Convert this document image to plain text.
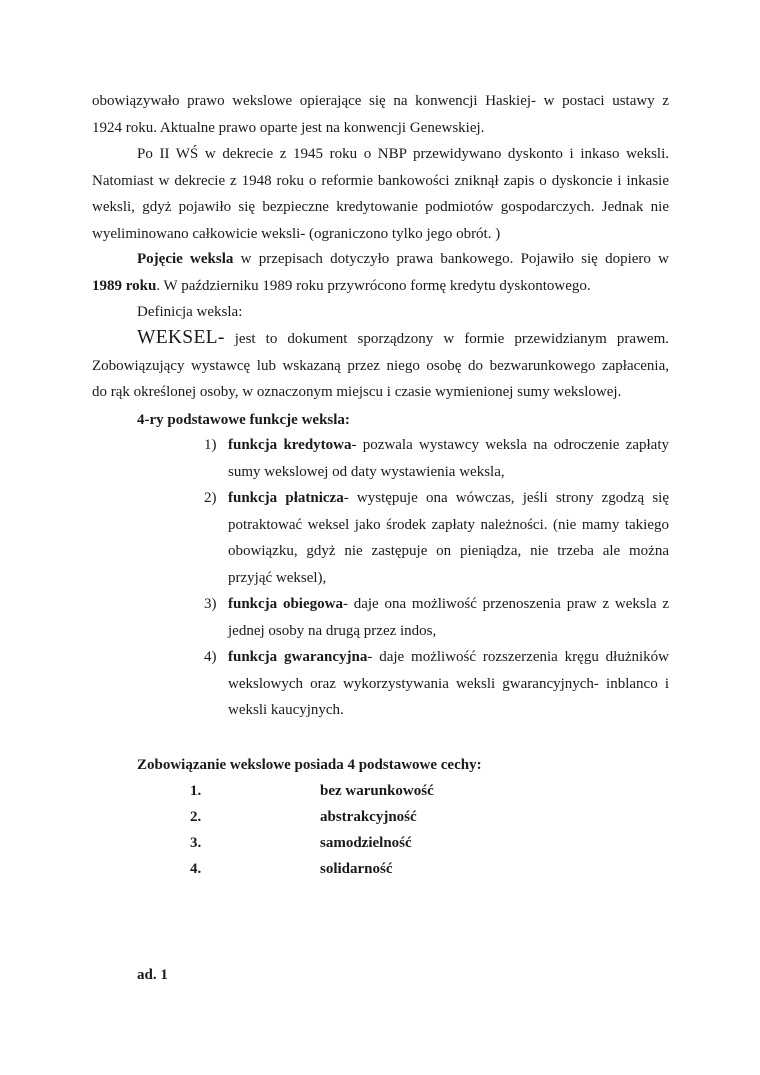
obowiązywało prawo wekslowe opierające się na konwencji Haskiej- w postaci ustawy z
1924 roku. Aktualne prawo oparte jest na konwencji Genewskiej.

Po II WŚ w dekrecie z 1945 roku o NBP przewidywano dyskonto i inkaso weksli.
Natomiast w dekrecie z 1948 roku o reformie bankowości zniknął zapis o dyskoncie i inkasie
weksli, gdyż pojawiło się bezpieczne kredytowanie podmiotów gospodarczych. Jednak nie
wyeliminowano całkowicie weksli- (ograniczono tylko jego obrót. )

Pojęcie weksla w przepisach dotyczyło prawa bankowego. Pojawiło się dopiero w
1989 roku. W październiku 1989 roku przywrócono formę kredytu dyskontowego.

Definicja weksla:

WEKSEL- jest to dokument sporządzony w formie przewidzianym prawem.
Zobowiązujący wystawcę lub wskazaną przez niego osobę do bezwarunkowego zapłacenia,
do rąk określonej osoby, w oznaczonym miejscu i czasie wymienionej sumy wekslowej.

4-ry podstawowe funkcje weksla:

1) funkcja kredytowa- pozwala wystawcy weksla na odroczenie zapłaty
sumy wekslowej od daty wystawienia weksla,
2) funkcja płatnicza- występuje ona wówczas, jeśli strony zgodzą się
potraktować weksel jako środek zapłaty należności. (nie mamy takiego
obowiązku, gdyż nie zastępuje on pieniądza, nie trzeba ale można
przyjąć weksel),
3) funkcja obiegowa- daje ona możliwość przenoszenia praw z weksla z
jednej osoby na drugą przez indos,
4) funkcja gwarancyjna- daje możliwość rozszerzenia kręgu dłużników
wekslowych oraz wykorzystywania weksli gwarancyjnych- inblanco i
weksli kaucyjnych.

Zobowiązanie wekslowe posiada 4 podstawowe cechy:

1.	bez warunkowość
2.	abstrakcyjność
3.	samodzielność
4.	solidarność

ad. 1
